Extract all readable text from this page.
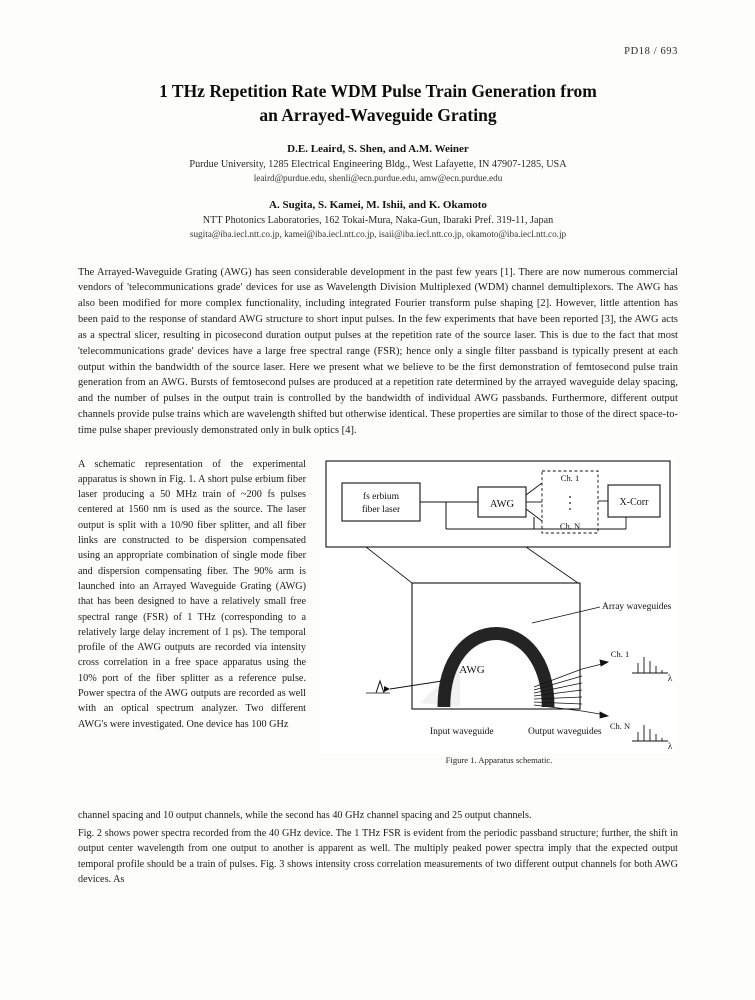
PD18 / 693
1 THz Repetition Rate WDM Pulse Train Generation from
an Arrayed-Waveguide Grating
D.E. Leaird, S. Shen, and A.M. Weiner
Purdue University, 1285 Electrical Engineering Bldg., West Lafayette, IN 47907-1285, USA
leaird@purdue.edu, shenli@ecn.purdue.edu, amw@ecn.purdue.edu
A. Sugita, S. Kamei, M. Ishii, and K. Okamoto
NTT Photonics Laboratories, 162 Tokai-Mura, Naka-Gun, Ibaraki Pref. 319-11, Japan
sugita@iba.iecl.ntt.co.jp, kamei@iba.iecl.ntt.co.jp, isaii@iba.iecl.ntt.co.jp, okamoto@iba.iecl.ntt.co.jp

The Arrayed-Waveguide Grating (AWG) has seen considerable development in the past few years [1]. There are now numerous commercial vendors of 'telecommunications grade' devices for use as Wavelength Division Multiplexed (WDM) channel demultiplexors. The AWG has also been modified for more complex functionality, including integrated Fourier transform pulse shaping [2]. However, little attention has been paid to the response of standard AWG structure to short input pulses. In the few experiments that have been reported [3], the AWG acts as a spectral slicer, resulting in picosecond duration output pulses at the repetition rate of the source laser. This is due to the fact that most 'telecommunications grade' devices have a large free spectral range (FSR); hence only a single filter passband is typically present at each output within the bandwidth of the source laser. Here we present what we believe to be the first demonstration of femtosecond pulse train generation from an AWG. Bursts of femtosecond pulses are produced at a repetition rate determined by the arrayed waveguide delay spacing, and the number of pulses in the output train is controlled by the bandwidth of individual AWG passbands. Furthermore, different output channels provide pulse trains which are wavelength shifted but otherwise identical. These properties are similar to those of the direct space-to-time pulse shaper previously demonstrated only in bulk optics [4].

A schematic representation of the experimental apparatus is shown in Fig. 1. A short pulse erbium fiber laser producing a 50 MHz train of ~200 fs pulses centered at 1560 nm is used as the source. The laser output is split with a 10/90 fiber splitter, and all fiber links are constructed to be dispersion compensated using an appropriate combination of single mode fiber and dispersion compensating fiber. The 90% arm is launched into an Arrayed Waveguide Grating (AWG) that has been designed to have a relatively small free spectral range (FSR) of 1 THz (corresponding to a relatively large delay increment of 1 ps). The temporal profile of the AWG outputs are recorded via intensity cross correlation in a free space apparatus using the 10% port of the fiber splitter as a reference pulse. Power spectra of the AWG outputs are recorded as well with an optical spectrum analyzer. Two different AWG's were investigated. One device has 100 GHz

fs erbium
fiber laser	AWG
Ch. 1
Ch. N
X-Corr
AWG
Ch. 1
Ch. N
λ
λ
Array waveguides
Input waveguide	Output waveguides
Figure 1. Apparatus schematic.

channel spacing and 10 output channels, while the second has 40 GHz channel spacing and 25 output channels.

Fig. 2 shows power spectra recorded from the 40 GHz device. The 1 THz FSR is evident from the periodic passband structure; further, the shift in output center wavelength from one output to another is apparent as well. The multiply peaked power spectra imply that the expected output temporal profile should be a train of pulses. Fig. 3 shows intensity cross correlation measurements of two different output channels for both AWG devices. As
